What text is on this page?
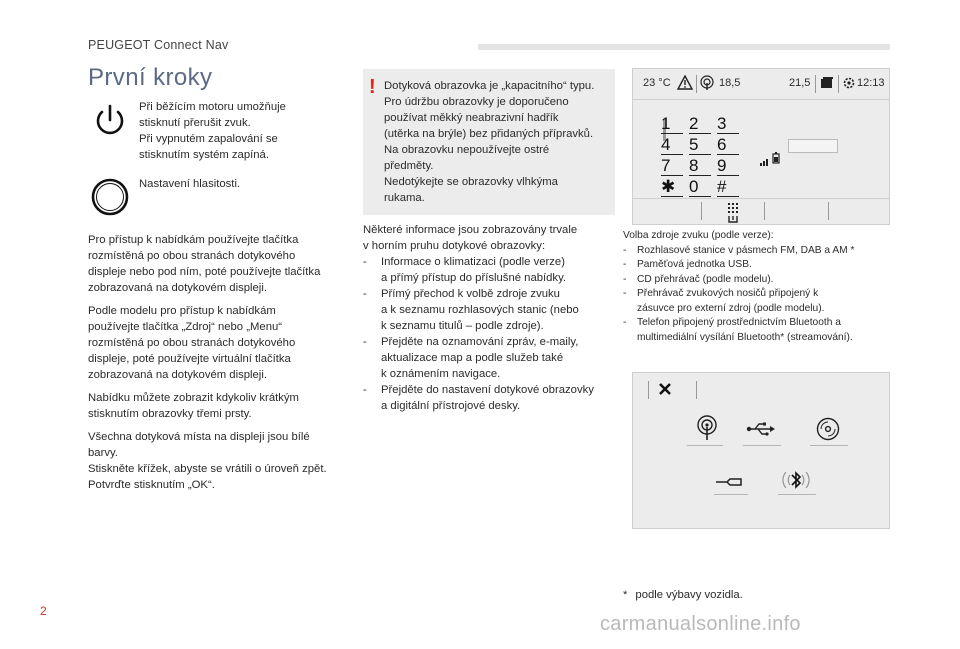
PEUGEOT Connect Nav
První kroky
Při běžícím motoru umožňuje
stisknutí přerušit zvuk.
Při vypnutém zapalování se
stisknutím systém zapíná.
Nastavení hlasitosti.
Pro přístup k nabídkám používejte tlačítka
rozmístěná po obou stranách dotykového
displeje nebo pod ním, poté používejte tlačítka
zobrazovaná na dotykovém displeji.
Podle modelu pro přístup k nabídkám
používejte tlačítka „Zdroj“ nebo „Menu“
rozmístěná po obou stranách dotykového
displeje, poté používejte virtuální tlačítka
zobrazovaná na dotykovém displeji.
Nabídku můžete zobrazit kdykoliv krátkým
stisknutím obrazovky třemi prsty.
Všechna dotyková místa na displeji jsou bílé
barvy.
Stiskněte křížek, abyste se vrátili o úroveň zpět.
Potvrďte stisknutím „OK“.
! Dotyková obrazovka je „kapacitního“ typu.
Pro údržbu obrazovky je doporučeno
používat měkký neabrazivní hadřík
(utěrka na brýle) bez přidaných přípravků.
Na obrazovku nepoužívejte ostré
předměty.
Nedotýkejte se obrazovky vlhkýma
rukama.
Některé informace jsou zobrazovány trvale
v horním pruhu dotykové obrazovky:
- Informace o klimatizaci (podle verze)
a přímý přístup do příslušné nabídky.
- Přímý přechod k volbě zdroje zvuku
a k seznamu rozhlasových stanic (nebo
k seznamu titulů – podle zdroje).
- Přejděte na oznamování zpráv, e-maily,
aktualizace map a podle služeb také
k oznámením navigace.
- Přejděte do nastavení dotykové obrazovky
a digitální přístrojové desky.
23 °C	18,5	21,5	12:13
1	2	3
4	5	6
7	8	9
✱ 0	#
Volba zdroje zvuku (podle verze):
- Rozhlasové stanice v pásmech FM, DAB a AM *
- Paměťová jednotka USB.
- CD přehrávač (podle modelu).
- Přehrávač zvukových nosičů připojený k
zásuvce pro externí zdroj (podle modelu).
- Telefon připojený prostřednictvím Bluetooth a
multimediální vysílání Bluetooth* (streamování).
* podle výbavy vozidla.
2
carmanualsonline.info
